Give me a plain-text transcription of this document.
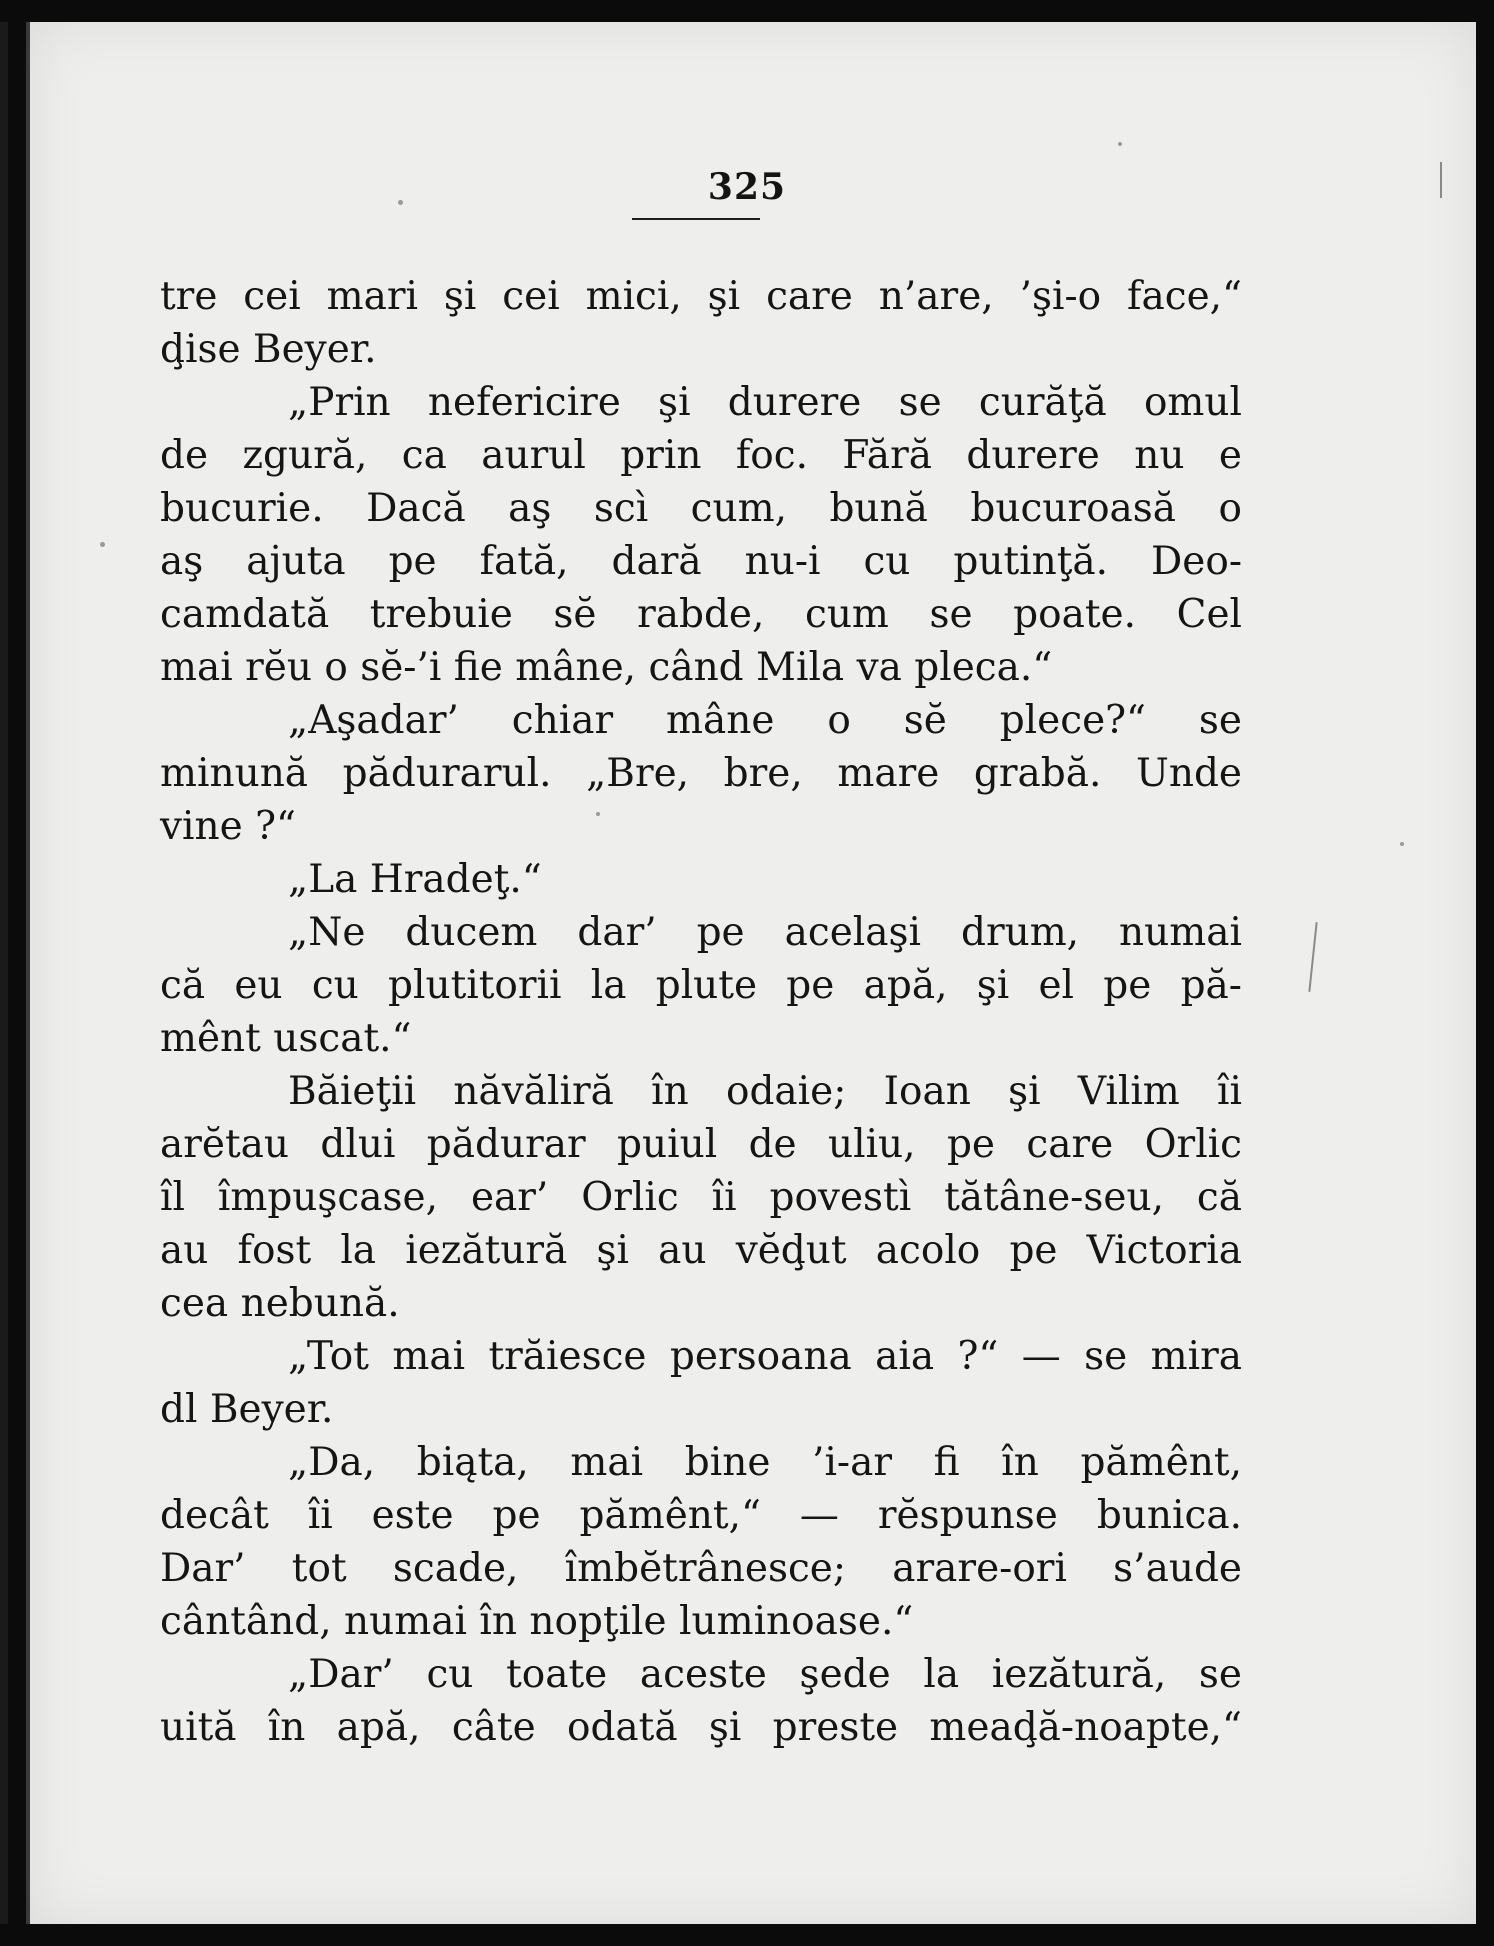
325
tre cei mari şi cei mici, şi care n’are, ’şi-o face,“
ḑise Beyer.
„Prin nefericire şi durere se curăţă omul
de zgură, ca aurul prin foc. Fără durere nu e
bucurie. Dacă aş scì cum, bună bucuroasă o
aş ajuta pe fată, dară nu-i cu putinţă. Deo-
camdată trebuie sĕ rabde, cum se poate. Cel
mai rĕu o sĕ-’i fie mâne, când Mila va pleca.“
„Aşadar’ chiar mâne o sĕ plece?“ se
minună pădurarul. „Bre, bre, mare grabă. Unde
vine ?“
„La Hradeţ.“
„Ne ducem dar’ pe acelaşi drum, numai
că eu cu plutitorii la plute pe apă, şi el pe pă-
mênt uscat.“
Băieţii năvăliră în odaie; Ioan şi Vilim îi
arĕtau dlui pădurar puiul de uliu, pe care Orlic
îl împuşcase, ear’ Orlic îi povestì tătâne-seu, că
au fost la iezătură şi au vĕḑut acolo pe Victoria
cea nebună.
„Tot mai trăiesce persoana aia ?“ — se mira
dl Beyer.
„Da, biąta, mai bine ’i-ar fi în pămênt,
decât îi este pe pămênt,“ — rĕspunse bunica.
Dar’ tot scade, îmbĕtrânesce; arare-ori s’aude
cântând, numai în nopţile luminoase.“
„Dar’ cu toate aceste şede la iezătură, se
uită în apă, câte odată şi preste meaḑă-noapte,“
